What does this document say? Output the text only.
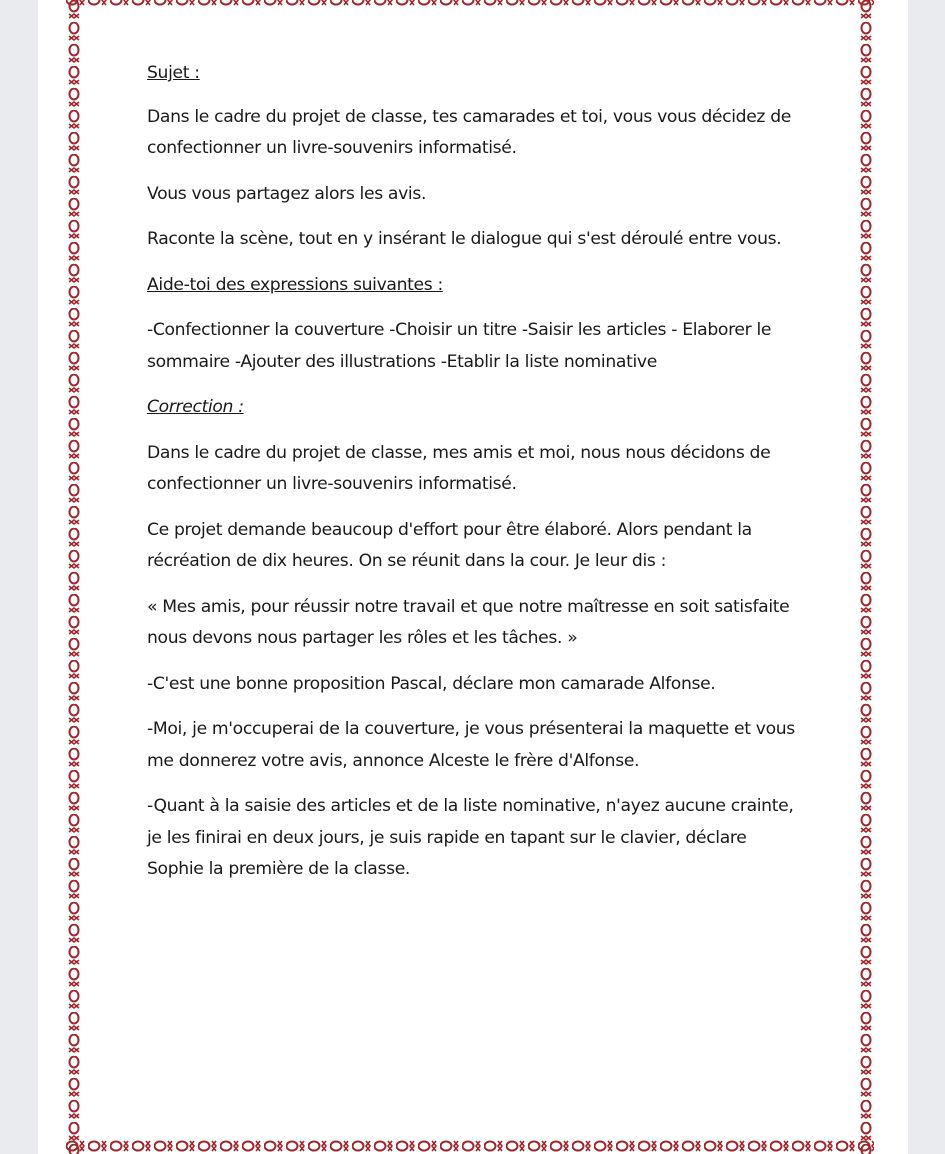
Sujet :

Dans le cadre du projet de classe, tes camarades et toi, vous vous décidez de confectionner un livre-souvenirs informatisé.

Vous vous partagez alors les avis.

Raconte la scène, tout en y insérant le dialogue qui s'est déroulé entre vous.

Aide-toi des expressions suivantes :

-Confectionner la couverture -Choisir un titre -Saisir les articles - Elaborer le sommaire -Ajouter des illustrations -Etablir la liste nominative

Correction :

Dans le cadre du projet de classe, mes amis et moi, nous nous décidons de confectionner un livre-souvenirs informatisé.

Ce projet demande beaucoup d'effort pour être élaboré. Alors pendant la récréation de dix heures. On se réunit dans la cour. Je leur dis :

« Mes amis, pour réussir notre travail et que notre maîtresse en soit satisfaite nous devons nous partager les rôles et les tâches. »

-C'est une bonne proposition Pascal, déclare mon camarade Alfonse.

-Moi, je m'occuperai de la couverture, je vous présenterai la maquette et vous me donnerez votre avis, annonce Alceste le frère d'Alfonse.

-Quant à la saisie des articles et de la liste nominative, n'ayez aucune crainte, je les finirai en deux jours, je suis rapide en tapant sur le clavier, déclare Sophie la première de la classe.
